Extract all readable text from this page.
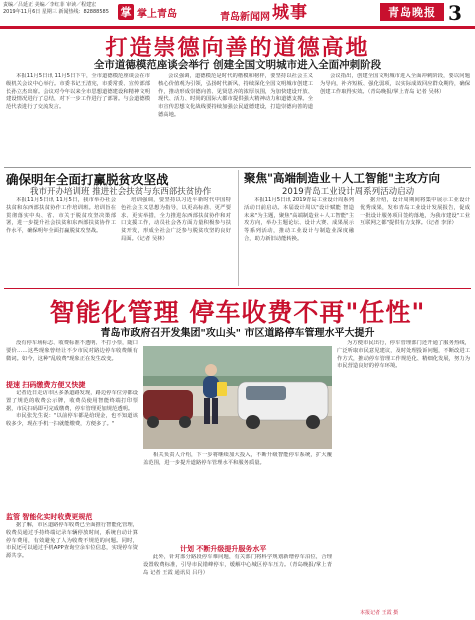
责编／吕延正 美编／李红菲 审读／程建宏
2019年11月6日 星期三 新闻热线：82888585	掌 掌上青岛	青岛新闻网 城事	青岛晚报 3
打造崇德向善的道德高地
全市道德模范座谈会举行 创建全国文明城市进入全面冲刺阶段

本报11月5日讯 11月5日下午，全市道德模范座谈会在市级机关会议中心举行。市委书记王清宪，市委常委、宣传部部长孙立杰出席。会议对今年以来全市思想道德建设和精神文明建设情况进行了总结，对下一步工作进行了部署。与会道德模范代表进行了交流发言。

会议强调，道德模范是时代的楷模和榜样，要坚持以社会主义核心价值观为引领，弘扬时代新风，持续深化全国文明城市创建工作，推动形成崇德向善、见贤思齐的浓厚氛围，为加快建设开放、现代、活力、时尚的国际大都市提供强大精神动力和道德支撑。全市宣传思想文化战线要持续加强公民道德建设，打造崇德向善的道德高地。

会议指出，创建全国文明城市进入全面冲刺阶段，要以问题为导向，补齐短板、强化弱项，以实际成效回应群众期待，确保创建工作取得实效。（青岛晚报/掌上青岛 记者 吴林）

确保明年全面打赢脱贫攻坚战
我市开办培训班 推进社会扶贫与东西部扶贫协作

本报11月5日讯 11月5日，我市举办社会扶贫和东西部扶贫协作工作培训班。培训旨在贯彻落实中央、省、市关于脱贫攻坚决策部署，进一步提升社会扶贫和东西部扶贫协作工作水平，确保明年全面打赢脱贫攻坚战。

培训强调，要坚持以习近平新时代中国特色社会主义思想为指导，以更高标准、更严要求、更实举措，全力推进东西部扶贫协作和对口支援工作，动员社会各方面力量积极参与扶贫开发，形成全社会广泛参与脱贫攻坚的良好局面。（记者 吴林）

聚焦"高端制造业＋人工智能"主攻方向
2019青岛工业设计周系列活动启动

本报11月5日讯 2019青岛工业设计周系列活动日前启动。本届设计周以"设计赋能 智造未来"为主题，聚焦"高端制造业＋人工智能"主攻方向，举办主题论坛、设计大赛、成果展示等系列活动，推动工业设计与制造业深度融合，助力新旧动能转换。

据介绍，设计周期间将集中展示工业设计优秀成果，发布青岛工业设计发展报告，促成一批设计服务项目签约落地，为我市建设"工业互联网之都"提供有力支撑。（记者 李泽）

智能化管理 停车收费不再"任性"
青岛市政府召开发集团"攻山头" 市区道路停车管理水平大提升

没有停车场标志、收费标准不透明、不打小票，随口要价……这些现象曾经让不少市民对路边停车收费颇有微词。如今，这种"乱收费"现象正在发生改变。

提速 扫码缴费方便又快捷

记者近日走访市区多条道路发现，路边停车位旁都设置了规范的收费公示牌，收费员使用智能终端打印票据，市民扫码即可完成缴费，停车管理更加规范透明。

市民张先生说："以前停车都是给现金，也不知道该收多少，现在手机一扫就能缴费，方便多了。"

监管 智能化实时收费更规范

据了解，市区道路停车收费已全面推行智能化管理，收费员通过手持终端记录车辆停放时间，系统自动计算停车费用，有效避免了人为收费不规范的问题。同时，市民还可以通过手机APP查询空余车位信息，实现停车资源共享。

相关负责人介绍，下一步将继续加大投入，不断升级智能停车系统，扩大覆盖范围，进一步提升道路停车管理水平和服务质量。

计划 不断升级提升服务水平

此外，针对部分路段停车难问题，有关部门将科学规划新增停车泊位，合理设置收费标准，引导市民错峰停车，缓解中心城区停车压力。（青岛晚报/掌上青岛 记者 王霞 通讯员 吕丹）

为方便市民出行，停车管理部门还开通了服务热线，广泛听取市民意见建议，及时处理投诉问题，不断改进工作方式，推动停车管理工作规范化、精细化发展，努力为市民营造良好的停车环境。

本报记者 王霞 摄
